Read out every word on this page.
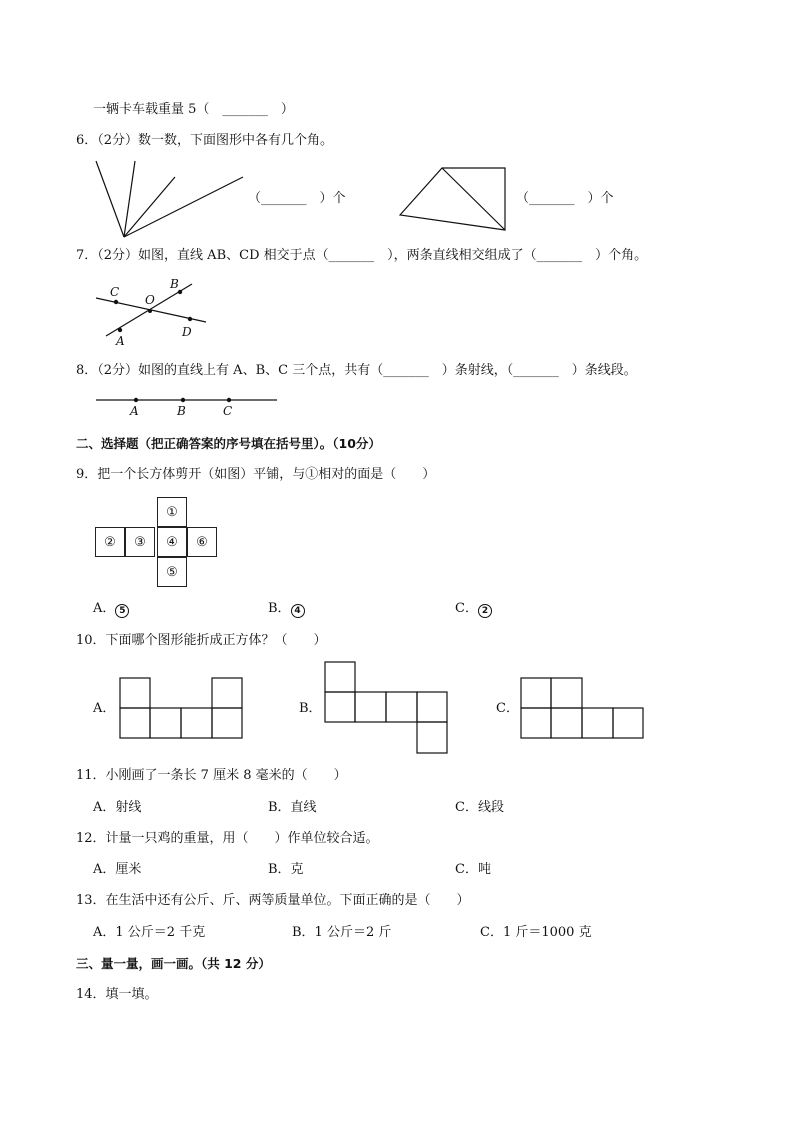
一辆卡车载重量 5（　_______　）
6．（2分）数一数，下面图形中各有几个角。
（_______　）个	（_______　）个
7．（2分）如图，直线 AB、CD 相交于点（_______　），两条直线相交组成了（_______　）个角。
C
O
B
D
A
8．（2分）如图的直线上有 A、B、C 三个点，共有（_______　）条射线，（_______　）条线段。
A	B	C
二、选择题（把正确答案的序号填在括号里）。（10分）
9．把一个长方体剪开（如图）平铺，与①相对的面是（　　）
①
②	③	④	⑥
⑤
A． 5	B． 4	C． 2
10．下面哪个图形能折成正方体？（　　）
A．	B．	C．
11．小刚画了一条长 7 厘米 8 毫米的（　　）
A．射线	B．直线	C．线段
12．计量一只鸡的重量，用（　　）作单位较合适。
A．厘米	B．克	C．吨
13．在生活中还有公斤、斤、两等质量单位。下面正确的是（　　）
A．1 公斤＝2 千克	B．1 公斤＝2 斤	C．1 斤＝1000 克
三、量一量，画一画。（共 12 分）
14．填一填。
